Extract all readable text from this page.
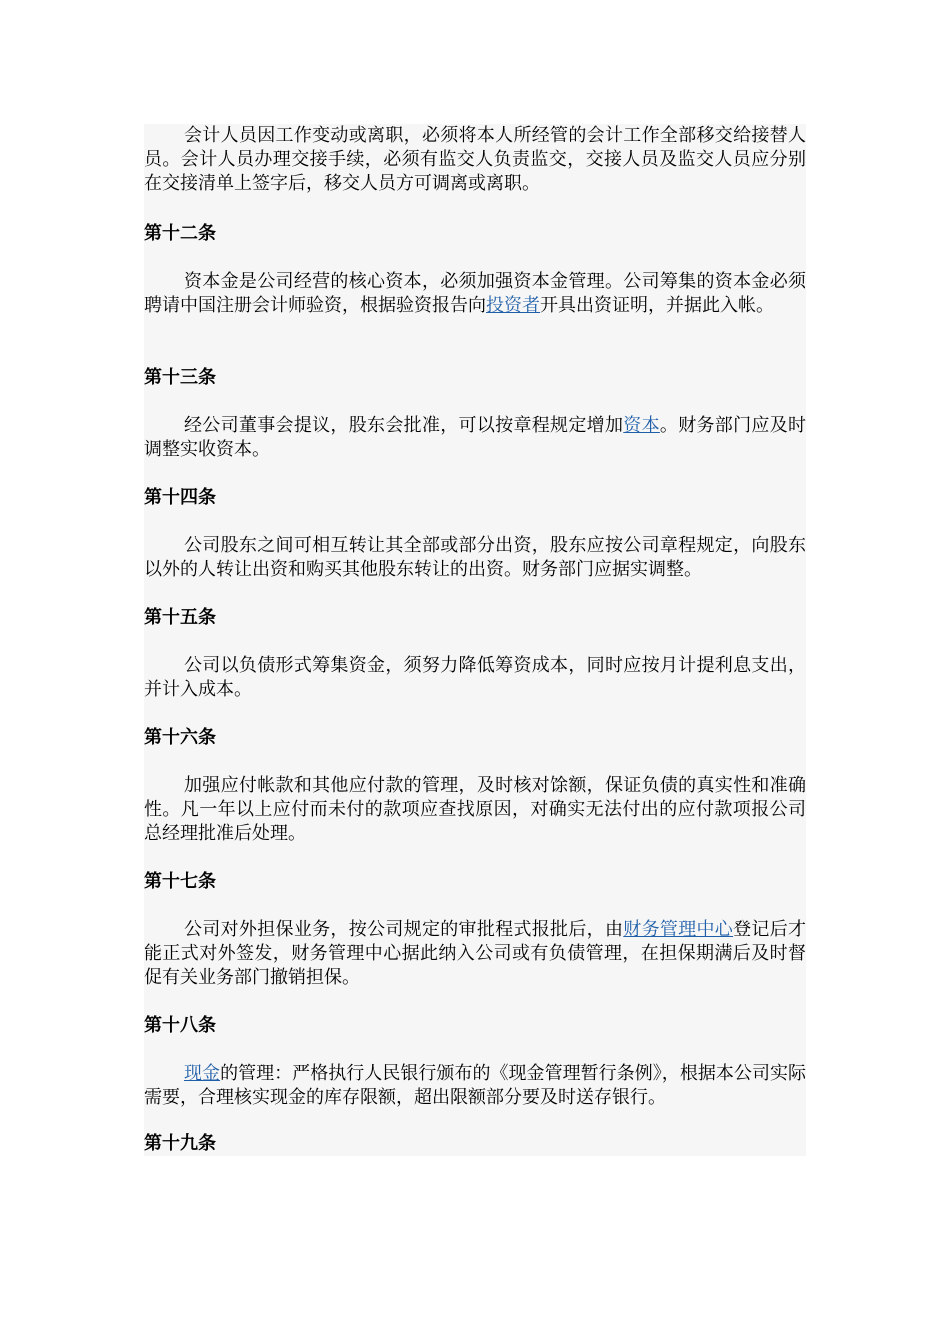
会计人员因工作变动或离职，必须将本人所经管的会计工作全部移交给接替人员。会计人员办理交接手续，必须有监交人负责监交，交接人员及监交人员应分别在交接清单上签字后，移交人员方可调离或离职。

第十二条

资本金是公司经营的核心资本，必须加强资本金管理。公司筹集的资本金必须聘请中国注册会计师验资，根据验资报告向投资者开具出资证明，并据此入帐。

第十三条

经公司董事会提议，股东会批准，可以按章程规定增加资本。财务部门应及时调整实收资本。

第十四条

公司股东之间可相互转让其全部或部分出资，股东应按公司章程规定，向股东以外的人转让出资和购买其他股东转让的出资。财务部门应据实调整。

第十五条

公司以负债形式筹集资金，须努力降低筹资成本，同时应按月计提利息支出，并计入成本。

第十六条

加强应付帐款和其他应付款的管理，及时核对馀额，保证负债的真实性和准确性。凡一年以上应付而未付的款项应查找原因，对确实无法付出的应付款项报公司总经理批准后处理。

第十七条

公司对外担保业务，按公司规定的审批程式报批后，由财务管理中心登记后才能正式对外签发，财务管理中心据此纳入公司或有负债管理，在担保期满后及时督促有关业务部门撤销担保。

第十八条

现金的管理：严格执行人民银行颁布的《现金管理暂行条例》，根据本公司实际需要，合理核实现金的库存限额，超出限额部分要及时送存银行。

第十九条
